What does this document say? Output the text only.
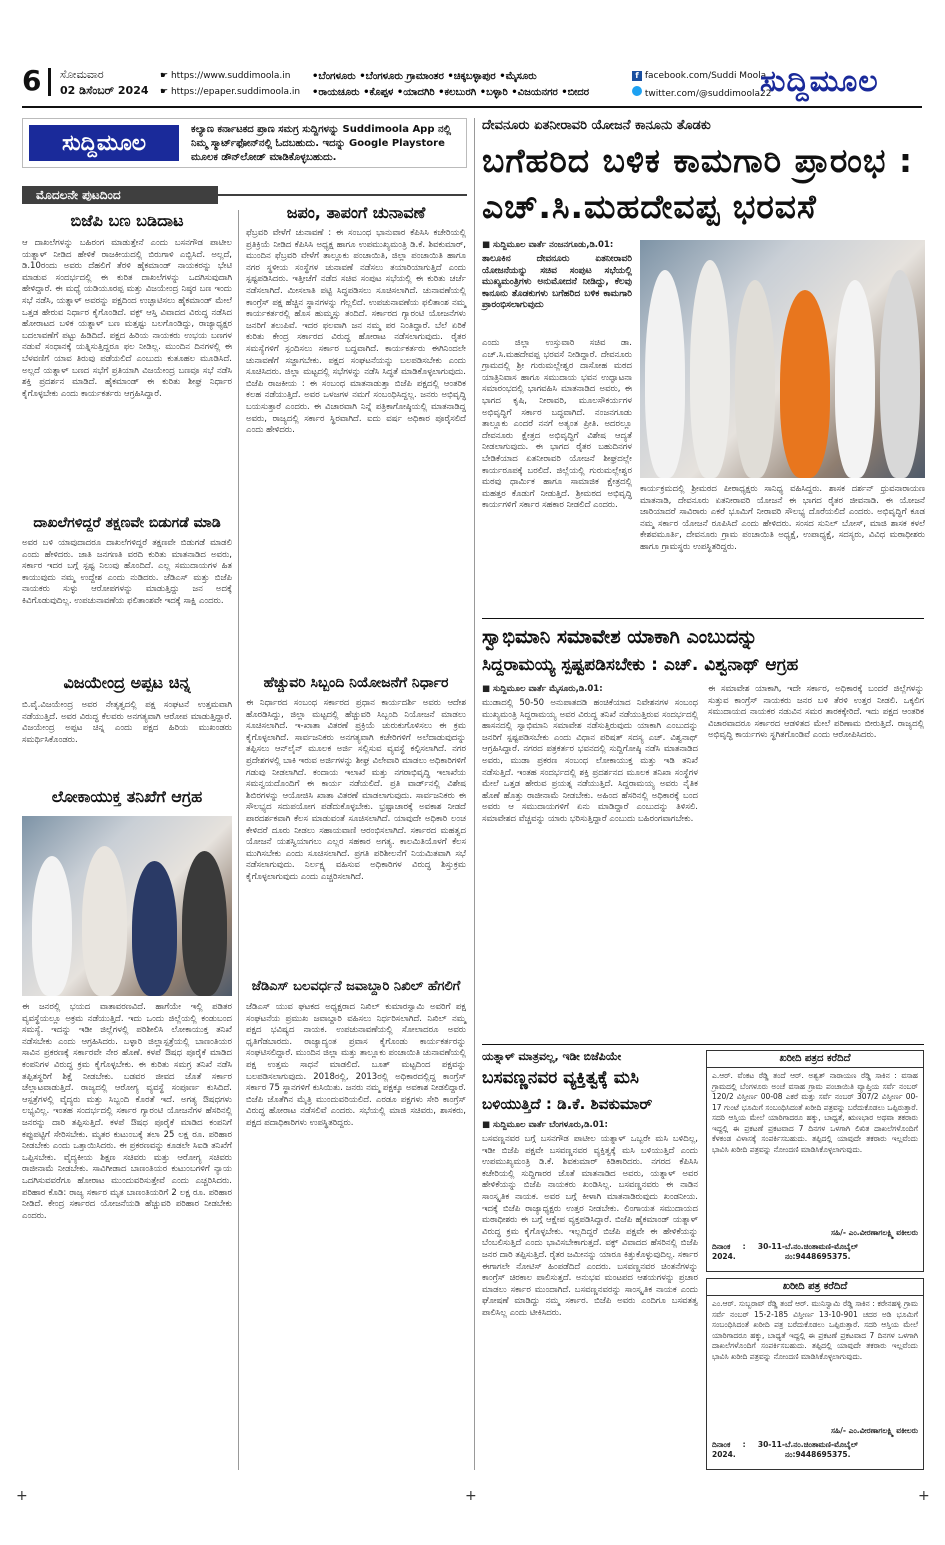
6 ಸೋಮವಾರ
02 ಡಿಸೆಂಬರ್ 2024
☛ https://www.suddimoola.in
☛ https://epaper.suddimoola.in
•ಬೆಂಗಳೂರು •ಬೆಂಗಳೂರು ಗ್ರಾಮಾಂತರ •ಚಿಕ್ಕಬಳ್ಳಾಪುರ •ಮೈಸೂರು
•ರಾಯಚೂರು •ಕೊಪ್ಪಳ •ಯಾದಗಿರಿ •ಕಲಬುರಗಿ •ಬಳ್ಳಾರಿ •ವಿಜಯನಗರ •ಬೀದರ
f facebook.com/Suddi Moola
twitter.com/@suddimoola22
ಸುದ್ದಿಮೂಲ
ಸುದ್ದಿಮೂಲ
ಕಲ್ಯಾಣ ಕರ್ನಾಟಕದ ಪ್ರಾಣ ಸಮಗ್ರ ಸುದ್ದಿಗಳನ್ನು Suddimoola App ನಲ್ಲಿ ನಿಮ್ಮ ಸ್ಮಾರ್ಟ್‌ಫೋನ್‌ನಲ್ಲಿ ಓದಬಹುದು. ಇದನ್ನು Google Playstore ಮೂಲಕ ಡೌನ್‌ಲೋಡ್ ಮಾಡಿಕೊಳ್ಳಬಹುದು.
ದೇವನೂರು ಏತನೀರಾವರಿ ಯೋಜನೆ ಕಾನೂನು ತೊಡಕು
ಬಗೆಹರಿದ ಬಳಿಕ ಕಾಮಗಾರಿ ಪ್ರಾರಂಭ :
ಎಚ್.ಸಿ.ಮಹದೇವಪ್ಪ ಭರವಸೆ
ಮೊದಲನೇ ಪುಟದಿಂದ
ಬಿಜೆಪಿ ಬಣ ಬಡಿದಾಟ
ಆ ದಾಖಲೆಗಳನ್ನು ಬಹಿರಂಗ ಮಾಡುತ್ತೇನೆ ಎಂದು ಬಸನಗೌಡ ಪಾಟೀಲ ಯತ್ನಾಳ್ ನೀಡಿದ ಹೇಳಿಕೆ ರಾಜಕೀಯದಲ್ಲಿ ಬಿರುಗಾಳಿ ಎಬ್ಬಿಸಿದೆ. ಅಲ್ಲದೆ, ಡಿ.10ರಂದು ಅವರು ದೆಹಲಿಗೆ ತೆರಳಿ ಹೈಕಮಾಂಡ್ ನಾಯಕರನ್ನು ಭೇಟಿ ಮಾಡುವ ಸಂದರ್ಭದಲ್ಲಿ ಈ ಕುರಿತ ದಾಖಲೆಗಳನ್ನು ಒದಗಿಸುವುದಾಗಿ ಹೇಳಿದ್ದಾರೆ. ಈ ಮಧ್ಯೆ ಯಡಿಯೂರಪ್ಪ ಮತ್ತು ವಿಜಯೇಂದ್ರ ನಿಷ್ಠರ ಬಣ ಇಂದು ಸಭೆ ನಡೆಸಿ, ಯತ್ನಾಳ್ ಅವರನ್ನು ಪಕ್ಷದಿಂದ ಉಚ್ಛಾಟಿಸಲು ಹೈಕಮಾಂಡ್ ಮೇಲೆ ಒತ್ತಡ ಹೇರುವ ನಿರ್ಧಾರ ಕೈಗೊಂಡಿದೆ. ವಕ್ಫ್ ಆಸ್ತಿ ವಿವಾದದ ವಿರುದ್ಧ ನಡೆಸಿದ ಹೋರಾಟದ ಬಳಿಕ ಯತ್ನಾಳ್ ಬಣ ಮತ್ತಷ್ಟು ಬಲಗೊಂಡಿದ್ದು, ರಾಜ್ಯಾಧ್ಯಕ್ಷರ ಬದಲಾವಣೆಗೆ ಪಟ್ಟು ಹಿಡಿದಿದೆ. ಪಕ್ಷದ ಹಿರಿಯ ನಾಯಕರು ಉಭಯ ಬಣಗಳ ನಡುವೆ ಸಂಧಾನಕ್ಕೆ ಯತ್ನಿಸುತ್ತಿದ್ದರೂ ಫಲ ನೀಡಿಲ್ಲ. ಮುಂದಿನ ದಿನಗಳಲ್ಲಿ ಈ ಬೆಳವಣಿಗೆ ಯಾವ ತಿರುವು ಪಡೆಯಲಿದೆ ಎಂಬುದು ಕುತೂಹಲ ಮೂಡಿಸಿದೆ. ಅಲ್ಲದೆ ಯತ್ನಾಳ್ ಬಣದ ಸಭೆಗೆ ಪ್ರತಿಯಾಗಿ ವಿಜಯೇಂದ್ರ ಬಣವೂ ಸಭೆ ನಡೆಸಿ ಶಕ್ತಿ ಪ್ರದರ್ಶನ ಮಾಡಿದೆ. ಹೈಕಮಾಂಡ್ ಈ ಕುರಿತು ಶೀಘ್ರ ನಿರ್ಧಾರ ಕೈಗೊಳ್ಳಬೇಕು ಎಂದು ಕಾರ್ಯಕರ್ತರು ಆಗ್ರಹಿಸಿದ್ದಾರೆ.
ದಾಖಲೆಗಳಿದ್ದರೆ ತಕ್ಷಣವೇ ಬಿಡುಗಡೆ ಮಾಡಿ
ಅವರ ಬಳಿ ಯಾವುದಾದರೂ ದಾಖಲೆಗಳಿದ್ದರೆ ತಕ್ಷಣವೇ ಬಿಡುಗಡೆ ಮಾಡಲಿ ಎಂದು ಹೇಳಿದರು. ಜಾತಿ ಜನಗಣತಿ ವರದಿ ಕುರಿತು ಮಾತನಾಡಿದ ಅವರು, ಸರ್ಕಾರ ಇದರ ಬಗ್ಗೆ ಸ್ಪಷ್ಟ ನಿಲುವು ಹೊಂದಿದೆ. ಎಲ್ಲ ಸಮುದಾಯಗಳ ಹಿತ ಕಾಯುವುದು ನಮ್ಮ ಉದ್ದೇಶ ಎಂದು ನುಡಿದರು. ಜೆಡಿಎಸ್ ಮತ್ತು ಬಿಜೆಪಿ ನಾಯಕರು ಸುಳ್ಳು ಆರೋಪಗಳನ್ನು ಮಾಡುತ್ತಿದ್ದು ಜನ ಅದಕ್ಕೆ ಕಿವಿಗೊಡುವುದಿಲ್ಲ. ಉಪಚುನಾವಣೆಯ ಫಲಿತಾಂಶವೇ ಇದಕ್ಕೆ ಸಾಕ್ಷಿ ಎಂದರು.
ವಿಜಯೇಂದ್ರ ಅಪ್ಪಟ ಚಿನ್ನ
ಬಿ.ವೈ.ವಿಜಯೇಂದ್ರ ಅವರ ನೇತೃತ್ವದಲ್ಲಿ ಪಕ್ಷ ಸಂಘಟನೆ ಉತ್ತಮವಾಗಿ ನಡೆಯುತ್ತಿದೆ. ಅವರ ವಿರುದ್ಧ ಕೆಲವರು ಅನಗತ್ಯವಾಗಿ ಆರೋಪ ಮಾಡುತ್ತಿದ್ದಾರೆ. ವಿಜಯೇಂದ್ರ ಅಪ್ಪಟ ಚಿನ್ನ ಎಂದು ಪಕ್ಷದ ಹಿರಿಯ ಮುಖಂಡರು ಸಮರ್ಥಿಸಿಕೊಂಡರು.
ಲೋಕಾಯುಕ್ತ ತನಿಖೆಗೆ ಆಗ್ರಹ
ಈ ಜನರಲ್ಲಿ ಭಯದ ವಾತಾವರಣವಿದೆ. ಹಾಗೆಯೇ ಇಲ್ಲಿ ಪಡಿತರ ವ್ಯವಸ್ಥೆಯಲ್ಲೂ ಅಕ್ರಮ ನಡೆಯುತ್ತಿದೆ. ಇದು ಒಂದು ಜಿಲ್ಲೆಯಲ್ಲಿ ಕಂಡುಬಂದ ಸಮಸ್ಯೆ. ಇದನ್ನು ಇಡೀ ಜಿಲ್ಲೆಗಳಲ್ಲಿ ಪರಿಶೀಲಿಸಿ ಲೋಕಾಯುಕ್ತ ತನಿಖೆ ನಡೆಸಬೇಕು ಎಂದು ಆಗ್ರಹಿಸಿದರು. ಬಳ್ಳಾರಿ ಜಿಲ್ಲಾಸ್ಪತ್ರೆಯಲ್ಲಿ ಬಾಣಂತಿಯರ ಸಾವಿನ ಪ್ರಕರಣಕ್ಕೆ ಸರ್ಕಾರವೇ ನೇರ ಹೊಣೆ. ಕಳಪೆ ಔಷಧ ಪೂರೈಕೆ ಮಾಡಿದ ಕಂಪನಿಗಳ ವಿರುದ್ಧ ಕ್ರಮ ಕೈಗೊಳ್ಳಬೇಕು. ಈ ಕುರಿತು ಸಮಗ್ರ ತನಿಖೆ ನಡೆಸಿ ತಪ್ಪಿತಸ್ಥರಿಗೆ ಶಿಕ್ಷೆ ನೀಡಬೇಕು. ಬಡವರ ಜೀವದ ಜೊತೆ ಸರ್ಕಾರ ಚೆಲ್ಲಾಟವಾಡುತ್ತಿದೆ. ರಾಜ್ಯದಲ್ಲಿ ಆರೋಗ್ಯ ವ್ಯವಸ್ಥೆ ಸಂಪೂರ್ಣ ಕುಸಿದಿದೆ. ಆಸ್ಪತ್ರೆಗಳಲ್ಲಿ ವೈದ್ಯರು ಮತ್ತು ಸಿಬ್ಬಂದಿ ಕೊರತೆ ಇದೆ. ಅಗತ್ಯ ಔಷಧಗಳು ಲಭ್ಯವಿಲ್ಲ. ಇಂತಹ ಸಂದರ್ಭದಲ್ಲಿ ಸರ್ಕಾರ ಗ್ಯಾರಂಟಿ ಯೋಜನೆಗಳ ಹೆಸರಿನಲ್ಲಿ ಜನರನ್ನು ದಾರಿ ತಪ್ಪಿಸುತ್ತಿದೆ. ಕಳಪೆ ಔಷಧ ಪೂರೈಕೆ ಮಾಡಿದ ಕಂಪನಿಗೆ ಕಪ್ಪುಪಟ್ಟಿಗೆ ಸೇರಿಸಬೇಕು. ಮೃತರ ಕುಟುಂಬಕ್ಕೆ ತಲಾ 25 ಲಕ್ಷ ರೂ. ಪರಿಹಾರ ನೀಡಬೇಕು ಎಂದು ಒತ್ತಾಯಿಸಿದರು. ಈ ಪ್ರಕರಣವನ್ನು ಕೂಡಲೇ ಸಿಐಡಿ ತನಿಖೆಗೆ ಒಪ್ಪಿಸಬೇಕು. ವೈದ್ಯಕೀಯ ಶಿಕ್ಷಣ ಸಚಿವರು ಮತ್ತು ಆರೋಗ್ಯ ಸಚಿವರು ರಾಜೀನಾಮೆ ನೀಡಬೇಕು. ಸಾವಿಗೀಡಾದ ಬಾಣಂತಿಯರ ಕುಟುಂಬಗಳಿಗೆ ನ್ಯಾಯ ಒದಗಿಸುವವರೆಗೂ ಹೋರಾಟ ಮುಂದುವರಿಸುತ್ತೇವೆ ಎಂದು ಎಚ್ಚರಿಸಿದರು. ಪರಿಹಾರ ಕೊಡಿ: ರಾಜ್ಯ ಸರ್ಕಾರ ಮೃತ ಬಾಣಂತಿಯರಿಗೆ 2 ಲಕ್ಷ ರೂ. ಪರಿಹಾರ ನೀಡಿದೆ. ಕೇಂದ್ರ ಸರ್ಕಾರದ ಯೋಜನೆಯಡಿ ಹೆಚ್ಚುವರಿ ಪರಿಹಾರ ನೀಡಬೇಕು ಎಂದರು.
ಜಪಂ, ತಾಪಂಗೆ ಚುನಾವಣೆ
ಫೆಬ್ರವರಿ ವೇಳೆಗೆ ಚುನಾವಣೆ : ಈ ಸಂಬಂಧ ಭಾನುವಾರ ಕೆಪಿಸಿಸಿ ಕಚೇರಿಯಲ್ಲಿ ಪ್ರತಿಕ್ರಿಯೆ ನೀಡಿದ ಕೆಪಿಸಿಸಿ ಅಧ್ಯಕ್ಷ ಹಾಗೂ ಉಪಮುಖ್ಯಮಂತ್ರಿ ಡಿ.ಕೆ. ಶಿವಕುಮಾರ್, ಮುಂದಿನ ಫೆಬ್ರವರಿ ವೇಳೆಗೆ ತಾಲ್ಲೂಕು ಪಂಚಾಯಿತಿ, ಜಿಲ್ಲಾ ಪಂಚಾಯಿತಿ ಹಾಗೂ ನಗರ ಸ್ಥಳೀಯ ಸಂಸ್ಥೆಗಳ ಚುನಾವಣೆ ನಡೆಸಲು ತಯಾರಿಯಾಗುತ್ತಿದೆ ಎಂದು ಸ್ಪಷ್ಟಪಡಿಸಿದರು. ಇತ್ತೀಚೆಗೆ ನಡೆದ ಸಚಿವ ಸಂಪುಟ ಸಭೆಯಲ್ಲಿ ಈ ಕುರಿತು ಚರ್ಚೆ ನಡೆಸಲಾಗಿದೆ. ಮೀಸಲಾತಿ ಪಟ್ಟಿ ಸಿದ್ಧಪಡಿಸಲು ಸೂಚಿಸಲಾಗಿದೆ. ಚುನಾವಣೆಯಲ್ಲಿ ಕಾಂಗ್ರೆಸ್ ಪಕ್ಷ ಹೆಚ್ಚಿನ ಸ್ಥಾನಗಳನ್ನು ಗೆಲ್ಲಲಿದೆ. ಉಪಚುನಾವಣೆಯ ಫಲಿತಾಂಶ ನಮ್ಮ ಕಾರ್ಯಕರ್ತರಲ್ಲಿ ಹೊಸ ಹುಮ್ಮಸ್ಸು ತಂದಿದೆ. ಸರ್ಕಾರದ ಗ್ಯಾರಂಟಿ ಯೋಜನೆಗಳು ಜನರಿಗೆ ತಲುಪಿವೆ. ಇದರ ಫಲವಾಗಿ ಜನ ನಮ್ಮ ಪರ ನಿಂತಿದ್ದಾರೆ. ಬೆಲೆ ಏರಿಕೆ ಕುರಿತು ಕೇಂದ್ರ ಸರ್ಕಾರದ ವಿರುದ್ಧ ಹೋರಾಟ ನಡೆಸಲಾಗುವುದು. ರೈತರ ಸಮಸ್ಯೆಗಳಿಗೆ ಸ್ಪಂದಿಸಲು ಸರ್ಕಾರ ಬದ್ಧವಾಗಿದೆ. ಕಾರ್ಯಕರ್ತರು ಈಗಿನಿಂದಲೇ ಚುನಾವಣೆಗೆ ಸಜ್ಜಾಗಬೇಕು. ಪಕ್ಷದ ಸಂಘಟನೆಯನ್ನು ಬಲಪಡಿಸಬೇಕು ಎಂದು ಸೂಚಿಸಿದರು. ಜಿಲ್ಲಾ ಮಟ್ಟದಲ್ಲಿ ಸಭೆಗಳನ್ನು ನಡೆಸಿ ಸಿದ್ಧತೆ ಮಾಡಿಕೊಳ್ಳಲಾಗುವುದು. ಬಿಜೆಪಿ ರಾಜಕೀಯ : ಈ ಸಂಬಂಧ ಮಾತನಾಡುತ್ತಾ ಬಿಜೆಪಿ ಪಕ್ಷದಲ್ಲಿ ಆಂತರಿಕ ಕಲಹ ನಡೆಯುತ್ತಿದೆ. ಅವರ ಒಳಜಗಳ ನಮಗೆ ಸಂಬಂಧಿಸಿದ್ದಲ್ಲ. ಜನರು ಅಭಿವೃದ್ಧಿ ಬಯಸುತ್ತಾರೆ ಎಂದರು. ಈ ವಿಚಾರವಾಗಿ ನಿನ್ನೆ ಪತ್ರಿಕಾಗೋಷ್ಠಿಯಲ್ಲಿ ಮಾತನಾಡಿದ್ದ ಅವರು, ರಾಜ್ಯದಲ್ಲಿ ಸರ್ಕಾರ ಸ್ಥಿರವಾಗಿದೆ. ಐದು ವರ್ಷ ಅಧಿಕಾರ ಪೂರೈಸಲಿದೆ ಎಂದು ಹೇಳಿದರು.
ಹೆಚ್ಚುವರಿ ಸಿಬ್ಬಂದಿ ನಿಯೋಜನೆಗೆ ನಿರ್ಧಾರ
ಈ ನಿರ್ಧಾರದ ಸಂಬಂಧ ಸರ್ಕಾರದ ಪ್ರಧಾನ ಕಾರ್ಯದರ್ಶಿ ಅವರು ಆದೇಶ ಹೊರಡಿಸಿದ್ದು, ಜಿಲ್ಲಾ ಮಟ್ಟದಲ್ಲಿ ಹೆಚ್ಚುವರಿ ಸಿಬ್ಬಂದಿ ನಿಯೋಜನೆ ಮಾಡಲು ಸೂಚಿಸಲಾಗಿದೆ. ಇ-ಖಾತಾ ವಿತರಣೆ ಪ್ರಕ್ರಿಯೆ ಚುರುಕುಗೊಳಿಸಲು ಈ ಕ್ರಮ ಕೈಗೊಳ್ಳಲಾಗಿದೆ. ಸಾರ್ವಜನಿಕರು ಅನಗತ್ಯವಾಗಿ ಕಚೇರಿಗಳಿಗೆ ಅಲೆದಾಡುವುದನ್ನು ತಪ್ಪಿಸಲು ಆನ್‌ಲೈನ್ ಮೂಲಕ ಅರ್ಜಿ ಸಲ್ಲಿಸುವ ವ್ಯವಸ್ಥೆ ಕಲ್ಪಿಸಲಾಗಿದೆ. ನಗರ ಪ್ರದೇಶಗಳಲ್ಲಿ ಬಾಕಿ ಇರುವ ಅರ್ಜಿಗಳನ್ನು ಶೀಘ್ರ ವಿಲೇವಾರಿ ಮಾಡಲು ಅಧಿಕಾರಿಗಳಿಗೆ ಗಡುವು ನೀಡಲಾಗಿದೆ. ಕಂದಾಯ ಇಲಾಖೆ ಮತ್ತು ನಗರಾಭಿವೃದ್ಧಿ ಇಲಾಖೆಯ ಸಮನ್ವಯದೊಂದಿಗೆ ಈ ಕಾರ್ಯ ನಡೆಯಲಿದೆ. ಪ್ರತಿ ವಾರ್ಡ್‌ನಲ್ಲಿ ವಿಶೇಷ ಶಿಬಿರಗಳನ್ನು ಆಯೋಜಿಸಿ ಖಾತಾ ವಿತರಣೆ ಮಾಡಲಾಗುವುದು. ಸಾರ್ವಜನಿಕರು ಈ ಸೌಲಭ್ಯದ ಸದುಪಯೋಗ ಪಡೆದುಕೊಳ್ಳಬೇಕು. ಭ್ರಷ್ಟಾಚಾರಕ್ಕೆ ಅವಕಾಶ ನೀಡದೆ ಪಾರದರ್ಶಕವಾಗಿ ಕೆಲಸ ಮಾಡುವಂತೆ ಸೂಚಿಸಲಾಗಿದೆ. ಯಾವುದೇ ಅಧಿಕಾರಿ ಲಂಚ ಕೇಳಿದರೆ ದೂರು ನೀಡಲು ಸಹಾಯವಾಣಿ ಆರಂಭಿಸಲಾಗಿದೆ. ಸರ್ಕಾರದ ಮಹತ್ವದ ಯೋಜನೆ ಯಶಸ್ವಿಯಾಗಲು ಎಲ್ಲರ ಸಹಕಾರ ಅಗತ್ಯ. ಕಾಲಮಿತಿಯೊಳಗೆ ಕೆಲಸ ಮುಗಿಸಬೇಕು ಎಂದು ಸೂಚಿಸಲಾಗಿದೆ. ಪ್ರಗತಿ ಪರಿಶೀಲನೆಗೆ ನಿಯಮಿತವಾಗಿ ಸಭೆ ನಡೆಸಲಾಗುವುದು. ನಿರ್ಲಕ್ಷ್ಯ ವಹಿಸುವ ಅಧಿಕಾರಿಗಳ ವಿರುದ್ಧ ಶಿಸ್ತುಕ್ರಮ ಕೈಗೊಳ್ಳಲಾಗುವುದು ಎಂದು ಎಚ್ಚರಿಸಲಾಗಿದೆ.
ಜೆಡಿಎಸ್ ಬಲವರ್ಧನೆ ಜವಾಬ್ದಾರಿ ನಿಖಿಲ್ ಹೆಗಲಿಗೆ
ಜೆಡಿಎಸ್ ಯುವ ಘಟಕದ ಅಧ್ಯಕ್ಷರಾದ ನಿಖಿಲ್ ಕುಮಾರಸ್ವಾಮಿ ಅವರಿಗೆ ಪಕ್ಷ ಸಂಘಟನೆಯ ಪ್ರಮುಖ ಜವಾಬ್ದಾರಿ ವಹಿಸಲು ನಿರ್ಧರಿಸಲಾಗಿದೆ. ನಿಖಿಲ್ ನಮ್ಮ ಪಕ್ಷದ ಭವಿಷ್ಯದ ನಾಯಕ. ಉಪಚುನಾವಣೆಯಲ್ಲಿ ಸೋಲಾದರೂ ಅವರು ಧೃತಿಗೆಡಬಾರದು. ರಾಜ್ಯಾದ್ಯಂತ ಪ್ರವಾಸ ಕೈಗೊಂಡು ಕಾರ್ಯಕರ್ತರನ್ನು ಸಂಘಟಿಸಲಿದ್ದಾರೆ. ಮುಂದಿನ ಜಿಲ್ಲಾ ಮತ್ತು ತಾಲ್ಲೂಕು ಪಂಚಾಯಿತಿ ಚುನಾವಣೆಯಲ್ಲಿ ಪಕ್ಷ ಉತ್ತಮ ಸಾಧನೆ ಮಾಡಲಿದೆ. ಬೂತ್ ಮಟ್ಟದಿಂದ ಪಕ್ಷವನ್ನು ಬಲಪಡಿಸಲಾಗುವುದು. 2018ರಲ್ಲಿ, 2013ರಲ್ಲಿ ಅಧಿಕಾರದಲ್ಲಿದ್ದ ಕಾಂಗ್ರೆಸ್ ಸರ್ಕಾರ 75 ಸ್ಥಾನಗಳಿಗೆ ಕುಸಿಯಿತು. ಜನರು ನಮ್ಮ ಪಕ್ಷಕ್ಕೂ ಅವಕಾಶ ನೀಡಲಿದ್ದಾರೆ. ಬಿಜೆಪಿ ಜೊತೆಗಿನ ಮೈತ್ರಿ ಮುಂದುವರಿಯಲಿದೆ. ಎರಡೂ ಪಕ್ಷಗಳು ಸೇರಿ ಕಾಂಗ್ರೆಸ್ ವಿರುದ್ಧ ಹೋರಾಟ ನಡೆಸಲಿವೆ ಎಂದರು. ಸಭೆಯಲ್ಲಿ ಮಾಜಿ ಸಚಿವರು, ಶಾಸಕರು, ಪಕ್ಷದ ಪದಾಧಿಕಾರಿಗಳು ಉಪಸ್ಥಿತರಿದ್ದರು.
■ ಸುದ್ದಿಮೂಲ ವಾರ್ತೆ ನಂಜನಗೂಡು,ಡಿ.01:
ತಾಲೂಕಿನ ದೇವನೂರು ಏತನೀರಾವರಿ ಯೋಜನೆಯನ್ನು ಸಚಿವ ಸಂಪುಟ ಸಭೆಯಲ್ಲಿ ಮುಖ್ಯಮಂತ್ರಿಗಳು ಅನುಮೋದನೆ ನೀಡಿದ್ದು, ಕೆಲವು ಕಾನೂನು ತೊಡಕುಗಳು ಬಗೆಹರಿದ ಬಳಿಕ ಕಾಮಗಾರಿ ಪ್ರಾರಂಭಿಸಲಾಗುವುದು
ಎಂದು ಜಿಲ್ಲಾ ಉಸ್ತುವಾರಿ ಸಚಿವ ಡಾ. ಎಚ್.ಸಿ.ಮಹದೇವಪ್ಪ ಭರವಸೆ ನೀಡಿದ್ದಾರೆ. ದೇವನೂರು ಗ್ರಾಮದಲ್ಲಿ ಶ್ರೀ ಗುರುಮಲ್ಲೇಶ್ವರ ದಾಸೋಹ ಮಠದ ಯಾತ್ರಿನಿವಾಸ ಹಾಗೂ ಸಮುದಾಯ ಭವನ ಉದ್ಘಾಟನಾ ಸಮಾರಂಭದಲ್ಲಿ ಭಾಗವಹಿಸಿ ಮಾತನಾಡಿದ ಅವರು, ಈ ಭಾಗದ ಕೃಷಿ, ನೀರಾವರಿ, ಮೂಲಸೌಕರ್ಯಗಳ ಅಭಿವೃದ್ಧಿಗೆ ಸರ್ಕಾರ ಬದ್ಧವಾಗಿದೆ. ನಂಜನಗೂಡು ತಾಲ್ಲೂಕು ಎಂದರೆ ನನಗೆ ಅತ್ಯಂತ ಪ್ರೀತಿ. ಅದರಲ್ಲೂ ದೇವನೂರು ಕ್ಷೇತ್ರದ ಅಭಿವೃದ್ಧಿಗೆ ವಿಶೇಷ ಆದ್ಯತೆ ನೀಡಲಾಗುವುದು. ಈ ಭಾಗದ ರೈತರ ಬಹುದಿನಗಳ ಬೇಡಿಕೆಯಾದ ಏತನೀರಾವರಿ ಯೋಜನೆ ಶೀಘ್ರದಲ್ಲೇ ಕಾರ್ಯರೂಪಕ್ಕೆ ಬರಲಿದೆ. ಜಿಲ್ಲೆಯಲ್ಲಿ ಗುರುಮಲ್ಲೇಶ್ವರ ಮಠವು ಧಾರ್ಮಿಕ ಹಾಗೂ ಸಾಮಾಜಿಕ ಕ್ಷೇತ್ರದಲ್ಲಿ ಮಹತ್ತರ ಕೊಡುಗೆ ನೀಡುತ್ತಿದೆ. ಶ್ರೀಮಠದ ಅಭಿವೃದ್ಧಿ ಕಾರ್ಯಗಳಿಗೆ ಸರ್ಕಾರ ಸಹಕಾರ ನೀಡಲಿದೆ ಎಂದರು.
ಕಾರ್ಯಕ್ರಮದಲ್ಲಿ ಶ್ರೀಮಠದ ಪೀಠಾಧ್ಯಕ್ಷರು ಸಾನಿಧ್ಯ ವಹಿಸಿದ್ದರು. ಶಾಸಕ ದರ್ಶನ್ ಧ್ರುವನಾರಾಯಣ ಮಾತನಾಡಿ, ದೇವನೂರು ಏತನೀರಾವರಿ ಯೋಜನೆ ಈ ಭಾಗದ ರೈತರ ಜೀವನಾಡಿ. ಈ ಯೋಜನೆ ಜಾರಿಯಾದರೆ ಸಾವಿರಾರು ಎಕರೆ ಭೂಮಿಗೆ ನೀರಾವರಿ ಸೌಲಭ್ಯ ದೊರೆಯಲಿದೆ ಎಂದರು. ಅಭಿವೃದ್ಧಿಗೆ ಕೂಡ ನಮ್ಮ ಸರ್ಕಾರ ಯೋಜನೆ ರೂಪಿಸಿದೆ ಎಂದು ಹೇಳಿದರು. ಸಂಸದ ಸುನಿಲ್ ಬೋಸ್, ಮಾಜಿ ಶಾಸಕ ಕಳಲೆ ಕೇಶವಮೂರ್ತಿ, ದೇವನೂರು ಗ್ರಾಮ ಪಂಚಾಯಿತಿ ಅಧ್ಯಕ್ಷೆ, ಉಪಾಧ್ಯಕ್ಷೆ, ಸದಸ್ಯರು, ವಿವಿಧ ಮಠಾಧೀಶರು ಹಾಗೂ ಗ್ರಾಮಸ್ಥರು ಉಪಸ್ಥಿತರಿದ್ದರು.
ಸ್ವಾಭಿಮಾನಿ ಸಮಾವೇಶ ಯಾಕಾಗಿ ಎಂಬುದನ್ನು
ಸಿದ್ದರಾಮಯ್ಯ ಸ್ಪಷ್ಟಪಡಿಸಬೇಕು : ಎಚ್. ವಿಶ್ವನಾಥ್ ಆಗ್ರಹ
■ ಸುದ್ದಿಮೂಲ ವಾರ್ತೆ ಮೈಸೂರು,ಡಿ.01:
ಮುಡಾದಲ್ಲಿ 50-50 ಅನುಪಾತದಡಿ ಹಂಚಿಕೆಯಾದ ನಿವೇಶನಗಳ ಸಂಬಂಧ ಮುಖ್ಯಮಂತ್ರಿ ಸಿದ್ದರಾಮಯ್ಯ ಅವರ ವಿರುದ್ಧ ತನಿಖೆ ನಡೆಯುತ್ತಿರುವ ಸಂದರ್ಭದಲ್ಲಿ ಹಾಸನದಲ್ಲಿ ಸ್ವಾಭಿಮಾನಿ ಸಮಾವೇಶ ನಡೆಸುತ್ತಿರುವುದು ಯಾಕಾಗಿ ಎಂಬುದನ್ನು ಜನರಿಗೆ ಸ್ಪಷ್ಟಪಡಿಸಬೇಕು ಎಂದು ವಿಧಾನ ಪರಿಷತ್ ಸದಸ್ಯ ಎಚ್. ವಿಶ್ವನಾಥ್ ಆಗ್ರಹಿಸಿದ್ದಾರೆ. ನಗರದ ಪತ್ರಕರ್ತರ ಭವನದಲ್ಲಿ ಸುದ್ದಿಗೋಷ್ಠಿ ನಡೆಸಿ ಮಾತನಾಡಿದ ಅವರು, ಮುಡಾ ಪ್ರಕರಣ ಸಂಬಂಧ ಲೋಕಾಯುಕ್ತ ಮತ್ತು ಇಡಿ ತನಿಖೆ ನಡೆಸುತ್ತಿದೆ. ಇಂತಹ ಸಂದರ್ಭದಲ್ಲಿ ಶಕ್ತಿ ಪ್ರದರ್ಶನದ ಮೂಲಕ ತನಿಖಾ ಸಂಸ್ಥೆಗಳ ಮೇಲೆ ಒತ್ತಡ ಹೇರುವ ಪ್ರಯತ್ನ ನಡೆಯುತ್ತಿದೆ. ಸಿದ್ದರಾಮಯ್ಯ ಅವರು ನೈತಿಕ ಹೊಣೆ ಹೊತ್ತು ರಾಜೀನಾಮೆ ನೀಡಬೇಕು. ಅಹಿಂದ ಹೆಸರಿನಲ್ಲಿ ಅಧಿಕಾರಕ್ಕೆ ಬಂದ ಅವರು ಆ ಸಮುದಾಯಗಳಿಗೆ ಏನು ಮಾಡಿದ್ದಾರೆ ಎಂಬುದನ್ನು ತಿಳಿಸಲಿ. ಸಮಾವೇಶದ ವೆಚ್ಚವನ್ನು ಯಾರು ಭರಿಸುತ್ತಿದ್ದಾರೆ ಎಂಬುದು ಬಹಿರಂಗವಾಗಬೇಕು.
ಈ ಸಮಾವೇಶ ಯಾಕಾಗಿ, ಇದೇ ಸರ್ಕಾರ, ಅಧಿಕಾರಕ್ಕೆ ಬಂದರೆ ಜಿಲ್ಲೆಗಳನ್ನು ಸುತ್ತುವ ಕಾಂಗ್ರೆಸ್ ನಾಯಕರು ಜನರ ಬಳಿ ತೆರಳಿ ಉತ್ತರ ನೀಡಲಿ. ಒಕ್ಕಲಿಗ ಸಮುದಾಯದ ನಾಯಕರ ನಡುವಿನ ಸಮರ ತಾರಕಕ್ಕೇರಿದೆ. ಇದು ಪಕ್ಷದ ಆಂತರಿಕ ವಿಚಾರವಾದರೂ ಸರ್ಕಾರದ ಆಡಳಿತದ ಮೇಲೆ ಪರಿಣಾಮ ಬೀರುತ್ತಿದೆ. ರಾಜ್ಯದಲ್ಲಿ ಅಭಿವೃದ್ಧಿ ಕಾರ್ಯಗಳು ಸ್ಥಗಿತಗೊಂಡಿವೆ ಎಂದು ಆರೋಪಿಸಿದರು.
ಯತ್ನಾಳ್ ಮಾತ್ರವಲ್ಲ, ಇಡೀ ಬಿಜೆಪಿಯೇ
ಬಸವಣ್ಣನವರ ವ್ಯಕ್ತಿತ್ವಕ್ಕೆ ಮಸಿ
ಬಳಿಯುತ್ತಿದೆ : ಡಿ.ಕೆ. ಶಿವಕುಮಾರ್
■ ಸುದ್ದಿಮೂಲ ವಾರ್ತೆ ಬೆಂಗಳೂರು,ಡಿ.01:
ಬಸವಣ್ಣನವರ ಬಗ್ಗೆ ಬಸನಗೌಡ ಪಾಟೀಲ ಯತ್ನಾಳ್ ಒಬ್ಬರೇ ಮಸಿ ಬಳಿದಿಲ್ಲ, ಇಡೀ ಬಿಜೆಪಿ ಪಕ್ಷವೇ ಬಸವಣ್ಣನವರ ವ್ಯಕ್ತಿತ್ವಕ್ಕೆ ಮಸಿ ಬಳಿಯುತ್ತಿದೆ ಎಂದು ಉಪಮುಖ್ಯಮಂತ್ರಿ ಡಿ.ಕೆ. ಶಿವಕುಮಾರ್ ಕಿಡಿಕಾರಿದರು. ನಗರದ ಕೆಪಿಸಿಸಿ ಕಚೇರಿಯಲ್ಲಿ ಸುದ್ದಿಗಾರರ ಜೊತೆ ಮಾತನಾಡಿದ ಅವರು, ಯತ್ನಾಳ್ ಅವರ ಹೇಳಿಕೆಯನ್ನು ಬಿಜೆಪಿ ನಾಯಕರು ಖಂಡಿಸಿಲ್ಲ. ಬಸವಣ್ಣನವರು ಈ ನಾಡಿನ ಸಾಂಸ್ಕೃತಿಕ ನಾಯಕ. ಅವರ ಬಗ್ಗೆ ಕೀಳಾಗಿ ಮಾತನಾಡಿರುವುದು ಖಂಡನೀಯ. ಇದಕ್ಕೆ ಬಿಜೆಪಿ ರಾಜ್ಯಾಧ್ಯಕ್ಷರು ಉತ್ತರ ನೀಡಬೇಕು. ಲಿಂಗಾಯತ ಸಮುದಾಯದ ಮಠಾಧೀಶರು ಈ ಬಗ್ಗೆ ಆಕ್ಷೇಪ ವ್ಯಕ್ತಪಡಿಸಿದ್ದಾರೆ. ಬಿಜೆಪಿ ಹೈಕಮಾಂಡ್ ಯತ್ನಾಳ್ ವಿರುದ್ಧ ಕ್ರಮ ಕೈಗೊಳ್ಳಬೇಕು. ಇಲ್ಲದಿದ್ದರೆ ಬಿಜೆಪಿ ಪಕ್ಷವೇ ಈ ಹೇಳಿಕೆಯನ್ನು ಬೆಂಬಲಿಸುತ್ತಿದೆ ಎಂದು ಭಾವಿಸಬೇಕಾಗುತ್ತದೆ. ವಕ್ಫ್ ವಿವಾದದ ಹೆಸರಿನಲ್ಲಿ ಬಿಜೆಪಿ ಜನರ ದಾರಿ ತಪ್ಪಿಸುತ್ತಿದೆ. ರೈತರ ಜಮೀನನ್ನು ಯಾರೂ ಕಿತ್ತುಕೊಳ್ಳುವುದಿಲ್ಲ. ಸರ್ಕಾರ ಈಗಾಗಲೇ ನೋಟಿಸ್ ಹಿಂಪಡೆದಿದೆ ಎಂದರು. ಬಸವಣ್ಣನವರ ಚಿಂತನೆಗಳನ್ನು ಕಾಂಗ್ರೆಸ್ ಚಿರಕಾಲ ಪಾಲಿಸುತ್ತದೆ. ಅನುಭವ ಮಂಟಪದ ಆಶಯಗಳನ್ನು ಪ್ರಚಾರ ಮಾಡಲು ಸರ್ಕಾರ ಮುಂದಾಗಿದೆ. ಬಸವಣ್ಣನವರನ್ನು ಸಾಂಸ್ಕೃತಿಕ ನಾಯಕ ಎಂದು ಘೋಷಣೆ ಮಾಡಿದ್ದು ನಮ್ಮ ಸರ್ಕಾರ. ಬಿಜೆಪಿ ಅವರು ಎಂದಿಗೂ ಬಸವತತ್ವ ಪಾಲಿಸಿಲ್ಲ ಎಂದು ಟೀಕಿಸಿದರು.
ಖರೀದಿ ಪತ್ರದ ಕರೆದಿದೆ
ಎ.ಆರ್. ವೆಂಕಟ ರೆಡ್ಡಿ ತಂದೆ ಆರ್. ಅಶ್ವತ್ ನಾರಾಯಣ ರೆಡ್ಡಿ ಸಾಕಿನ : ವಸಾಹ ಗ್ರಾಮದಲ್ಲಿ ಬೆಂಗಳೂರು ಅಂಚೆ ವಸಾಹ ಗ್ರಾಮ ಪಂಚಾಯಿತಿ ವ್ಯಾಪ್ತಿಯ ಸರ್ವೆ ನಂಬರ್ 120/2 ವಿಸ್ತೀರ್ಣ 00-08 ಎಕರೆ ಮತ್ತು ಸರ್ವೆ ನಂಬರ್ 307/2 ವಿಸ್ತೀರ್ಣ 00-17 ಗುಂಟೆ ಭೂಮಿಗೆ ಸಂಬಂಧಿಸಿದಂತೆ ಖರೀದಿ ಪತ್ರವನ್ನು ಬರೆದುಕೊಡಲು ಒಪ್ಪಿರುತ್ತಾರೆ. ಸದರಿ ಆಸ್ತಿಯ ಮೇಲೆ ಯಾರಿಗಾದರೂ ಹಕ್ಕು, ಬಾಧ್ಯತೆ, ಋಣಭಾರ ಅಥವಾ ತಕರಾರು ಇದ್ದಲ್ಲಿ ಈ ಪ್ರಕಟಣೆ ಪ್ರಕಟವಾದ 7 ದಿನಗಳ ಒಳಗಾಗಿ ಲಿಖಿತ ದಾಖಲೆಗಳೊಂದಿಗೆ ಕೆಳಕಂಡ ವಿಳಾಸಕ್ಕೆ ಸಂಪರ್ಕಿಸಬಹುದು. ತಪ್ಪಿದಲ್ಲಿ ಯಾವುದೇ ತಕರಾರು ಇಲ್ಲವೆಂದು ಭಾವಿಸಿ ಖರೀದಿ ಪತ್ರವನ್ನು ನೋಂದಣಿ ಮಾಡಿಸಿಕೊಳ್ಳಲಾಗುವುದು.
ಸಹಿ/- ಎಂ.ವೀರಣಾಗಲಕ್ಷ್ಮಿ ವಕೀಲರು
ದಿನಾಂಕ : 30-11-2024.
ಬೆ.ನಂ.ಚಿಂತಾಮಣಿ-ಮೊಬೈಲ್ ನಂ:9448695375.
ಖರೀದಿ ಪತ್ರ ಕರೆದಿದೆ
ಎಂ.ಆರ್. ಸುಬ್ಬರಾವ್ ರೆಡ್ಡಿ ತಂದೆ ಆರ್. ಮುನಿಸ್ವಾಮಿ ರೆಡ್ಡಿ ಸಾಕಿನ : ಕರೇನಹಳ್ಳಿ ಗ್ರಾಮ ಸರ್ವೆ ನಂಬರ್ 15-2-185 ವಿಸ್ತೀರ್ಣ 13-10-901 ಚದರ ಅಡಿ ಭೂಮಿಗೆ ಸಂಬಂಧಿಸಿದಂತೆ ಖರೀದಿ ಪತ್ರ ಬರೆದುಕೊಡಲು ಒಪ್ಪಿರುತ್ತಾರೆ. ಸದರಿ ಆಸ್ತಿಯ ಮೇಲೆ ಯಾರಿಗಾದರೂ ಹಕ್ಕು, ಬಾಧ್ಯತೆ ಇದ್ದಲ್ಲಿ ಈ ಪ್ರಕಟಣೆ ಪ್ರಕಟವಾದ 7 ದಿನಗಳ ಒಳಗಾಗಿ ದಾಖಲೆಗಳೊಂದಿಗೆ ಸಂಪರ್ಕಿಸಬಹುದು. ತಪ್ಪಿದಲ್ಲಿ ಯಾವುದೇ ತಕರಾರು ಇಲ್ಲವೆಂದು ಭಾವಿಸಿ ಖರೀದಿ ಪತ್ರವನ್ನು ನೋಂದಣಿ ಮಾಡಿಸಿಕೊಳ್ಳಲಾಗುವುದು.
ಸಹಿ/- ಎಂ.ವೀರಣಾಗಲಕ್ಷ್ಮಿ ವಕೀಲರು
ದಿನಾಂಕ : 30-11-2024.
ಬೆ.ನಂ.ಚಿಂತಾಮಣಿ-ಮೊಬೈಲ್ ನಂ:9448695375.
+	+	+
